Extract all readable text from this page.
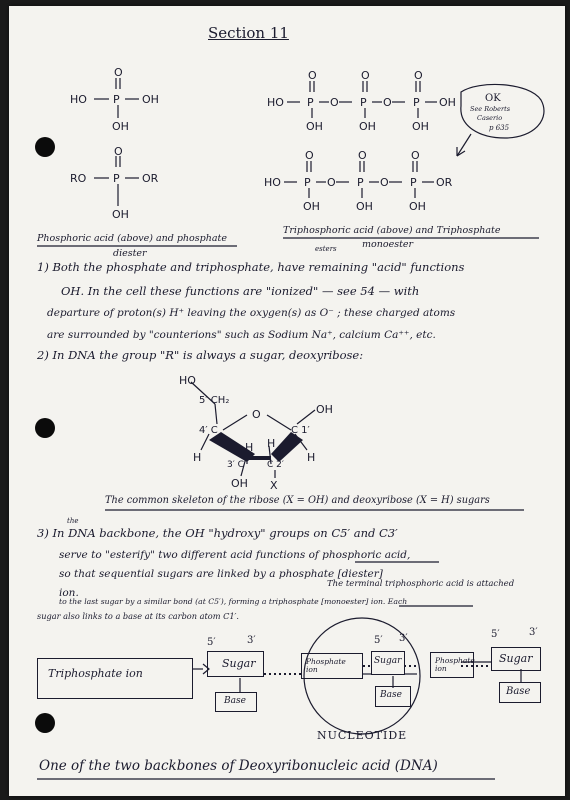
Section 11
O
HO P OH
OH
O
RO P OR
OH
HO
O
P
OH
O
O
P
OH
O
O
P
OH
OH
HO
O
P
OH
O
O
P
OH
O
O
P
OH
OR
OK
See Roberts
Caserio
p 635
Phosphoric acid (above) and phosphate
diester
Triphosphoric acid (above) and Triphosphate
monoester
esters
1) Both the phosphate and triphosphate, have remaining "acid" functions
OH. In the cell these functions are "ionized" — see 54 — with
departure of proton(s) H⁺ leaving the oxygen(s) as O⁻ ; these charged atoms
are surrounded by "counterions" such as Sodium Na⁺, calcium Ca⁺⁺, etc.
2) In DNA the group "R" is always a sugar, deoxyribose:
HO
5′ CH₂
O
4′ C	C 1′
OH
H	H
H H
3′ C	C 2′
OH X
The common skeleton of the ribose (X = OH) and deoxyribose (X = H) sugars
the
3) In DNA backbone, the OH "hydroxy" groups on C5′ and C3′
serve to "esterify" two different acid functions of phosphoric acid,
so that sequential sugars are linked by a phosphate [diester]
ion.
The terminal triphosphoric acid is attached
to the last sugar by a similar bond (at C5′), forming a triphosphate [monoester] ion. Each
sugar also links to a base at its carbon atom C1′.
Triphosphate ion
Sugar
5′	3′
Base
Phosphate ion
Sugar
5′ 3′
Base
NUCLEOTIDE
Phosphate ion
Sugar
5′	3′
Base
One of the two backbones of Deoxyribonucleic acid (DNA)
